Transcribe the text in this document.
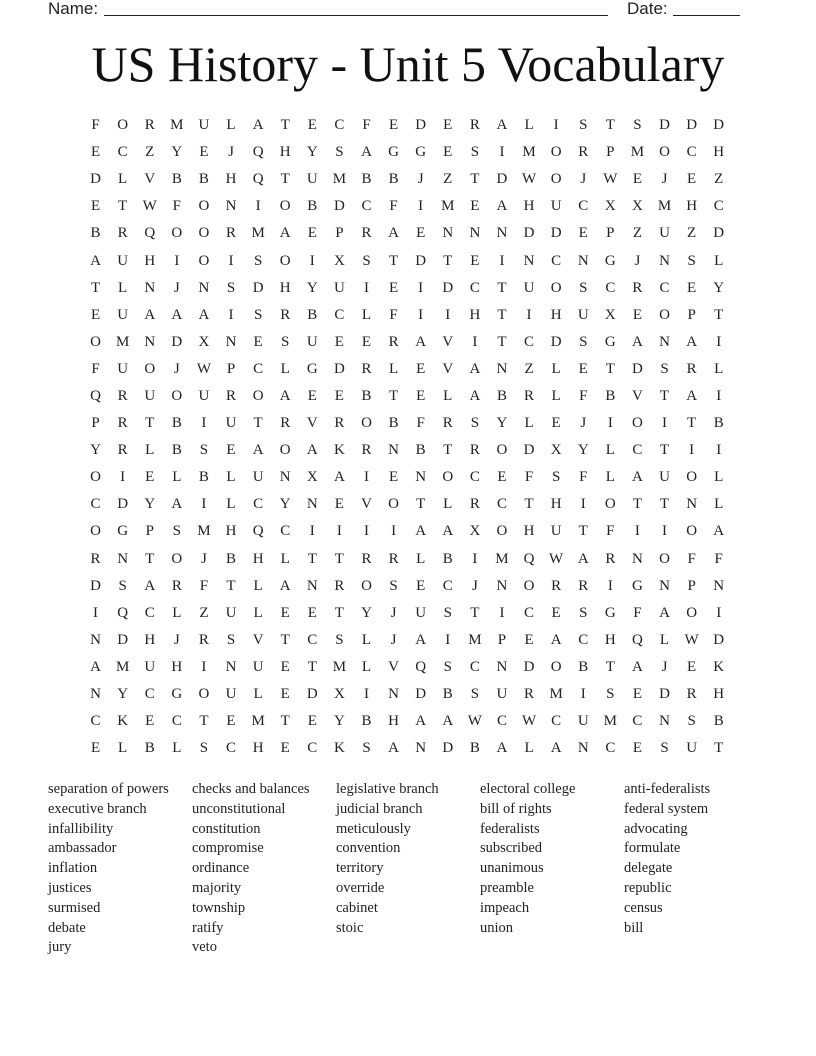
Name:	Date:
US History - Unit 5 Vocabulary
F	O	R	M	U	L	A	T	E	C	F	E	D	E	R	A	L	I	S	T	S	D	D	D
E	C	Z	Y	E	J	Q	H	Y	S	A	G	G	E	S	I	M	O	R	P	M	O	C	H
D	L	V	B	B	H	Q	T	U	M	B	B	J	Z	T	D W O	J	W	E	J	E	Z
E	T	W	F	O	N	I	O	B	D	C	F	I	M	E	A	H	U	C	X	X	M	H	C
B	R	Q	O	O	R	M	A	E	P	R	A	E	N	N	N	D	D	E	P	Z	U	Z	D
A	U	H	I	O	I	S	O	I	X	S	T	D	T	E	I	N	C	N	G	J	N	S	L
T	L	N	J	N	S	D	H	Y	U	I	E	I	D	C	T	U	O	S	C	R	C	E	Y
E	U	A	A	A	I	S	R	B	C	L	F	I	I	H	T	I	H	U	X	E	O	P	T
O	M	N	D	X	N	E	S	U	E	E	R	A	V	I	T	C	D	S	G	A	N	A	I
F	U	O	J	W	P	C	L	G	D	R	L	E	V	A	N	Z	L	E	T	D	S	R	L
Q	R	U	O	U	R	O	A	E	E	B	T	E	L	A	B	R	L	F	B	V	T	A	I
P	R	T	B	I	U	T	R	V	R	O	B	F	R	S	Y	L	E	J	I	O	I	T	B
Y	R	L	B	S	E	A	O	A	K	R	N	B	T	R	O	D	X	Y	L	C	T	I	I
O	I	E	L	B	L	U	N	X	A	I	E	N	O	C	E	F	S	F	L	A	U	O	L
C	D	Y	A	I	L	C	Y	N	E	V	O	T	L	R	C	T	H	I	O	T	T	N	L
O	G	P	S	M	H	Q	C	I	I	I	I	A	A	X	O	H	U	T	F	I	I	O	A
R	N	T	O	J	B	H	L	T	T	R	R	L	B	I	M	Q W A	R	N	O	F	F
D	S	A	R	F	T	L	A	N	R	O	S	E	C	J	N	O	R	R	I	G	N	P	N
I	Q	C	L	Z	U	L	E	E	T	Y	J	U	S	T	I	C	E	S	G	F	A	O	I
N	D	H	J	R	S	V	T	C	S	L	J	A	I	M	P	E	A	C	H	Q	L	W D
A	M	U	H	I	N	U	E	T	M	L	V	Q	S	C	N	D	O	B	T	A	J	E	K
N	Y	C	G	O	U	L	E	D	X	I	N	D	B	S	U	R	M	I	S	E	D	R	H
C	K	E	C	T	E	M	T	E	Y	B	H	A	A W	C	W	C	U	M	C	N	S	B
E	L	B	L	S	C	H	E	C	K	S	A	N	D	B	A	L	A	N	C	E	S	U	T
separation of powers
executive branch
infallibility
ambassador
inflation
justices
surmised
debate
jury
checks and balances
unconstitutional
constitution
compromise
ordinance
majority
township
ratify
veto
legislative branch
judicial branch
meticulously
convention
territory
override
cabinet
stoic
electoral college
bill of rights
federalists
subscribed
unanimous
preamble
impeach
union
anti-federalists
federal system
advocating
formulate
delegate
republic
census
bill
